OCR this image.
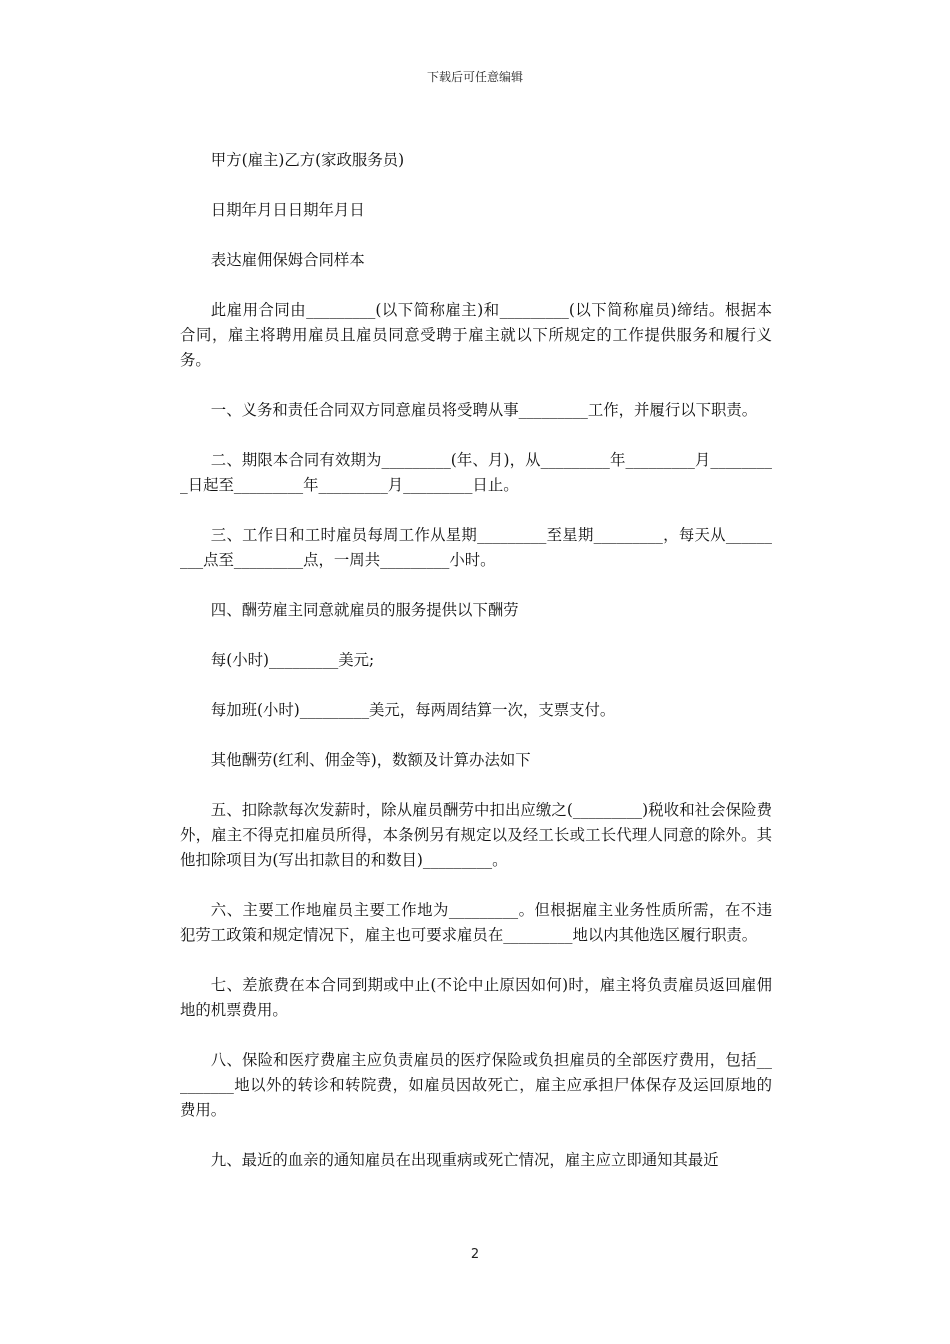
下载后可任意编辑

甲方(雇主)乙方(家政服务员)

日期年月日日期年月日

表达雇佣保姆合同样本

此雇用合同由_________(以下简称雇主)和_________(以下简称雇员)缔结。根据本合同，雇主将聘用雇员且雇员同意受聘于雇主就以下所规定的工作提供服务和履行义务。

一、义务和责任合同双方同意雇员将受聘从事_________工作，并履行以下职责。

二、期限本合同有效期为_________(年、月)，从_________年_________月_________日起至_________年_________月_________日止。

三、工作日和工时雇员每周工作从星期_________至星期_________，每天从_________点至_________点，一周共_________小时。

四、酬劳雇主同意就雇员的服务提供以下酬劳

每(小时)_________美元;

每加班(小时)_________美元，每两周结算一次，支票支付。

其他酬劳(红利、佣金等)，数额及计算办法如下

五、扣除款每次发薪时，除从雇员酬劳中扣出应缴之(_________)税收和社会保险费外，雇主不得克扣雇员所得，本条例另有规定以及经工长或工长代理人同意的除外。其他扣除项目为(写出扣款目的和数目)_________。

六、主要工作地雇员主要工作地为_________。但根据雇主业务性质所需，在不违犯劳工政策和规定情况下，雇主也可要求雇员在_________地以内其他选区履行职责。

七、差旅费在本合同到期或中止(不论中止原因如何)时，雇主将负责雇员返回雇佣地的机票费用。

八、保险和医疗费雇主应负责雇员的医疗保险或负担雇员的全部医疗费用，包括_________地以外的转诊和转院费，如雇员因故死亡，雇主应承担尸体保存及运回原地的费用。

九、最近的血亲的通知雇员在出现重病或死亡情况，雇主应立即通知其最近

2
